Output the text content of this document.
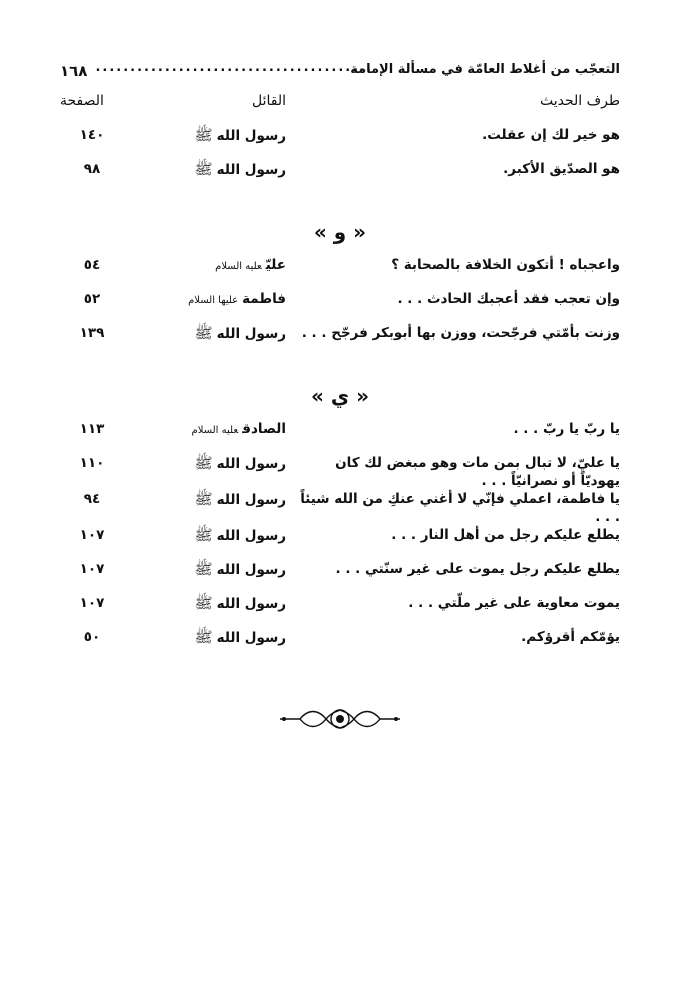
التعجّب من أغلاط العامّة في مسألة الإمامة
........................................
١٦٨
طرف الحديث
القائل
الصفحة
هو خير لك إن عقلت.
رسول اللهﷺ
١٤٠
هو الصدّيق الأكبر.
رسول اللهﷺ
٩٨
« و »
واعجباه ! أتكون الخلافة بالصحابة ؟
عليّعليه السلام
٥٤
وإن تعجب فقد أعجبك الحادث . . .
فاطمةعليها السلام
٥٢
وزنت بأمّتي فرجّحت، ووزن بها أبوبكر فرجّح . . .
رسول اللهﷺ
١٣٩
« ي »
يا ربّ يا ربّ . . .
الصادقعليه السلام
١١٣
يا عليّ، لا تبال بمن مات وهو مبغض لك كان يهوديّاً أو نصرانيّاً . . .
رسول اللهﷺ
١١٠
يا فاطمة، اعملي فإنّي لا أغني عنكِ من الله شيئاً . . .
رسول اللهﷺ
٩٤
يطلع عليكم رجل من أهل النار . . .
رسول اللهﷺ
١٠٧
يطلع عليكم رجل يموت على غير سنّتي . . .
رسول اللهﷺ
١٠٧
يموت معاوية على غير ملّتي . . .
رسول اللهﷺ
١٠٧
يؤمّكم أقرؤكم.
رسول اللهﷺ
٥٠
